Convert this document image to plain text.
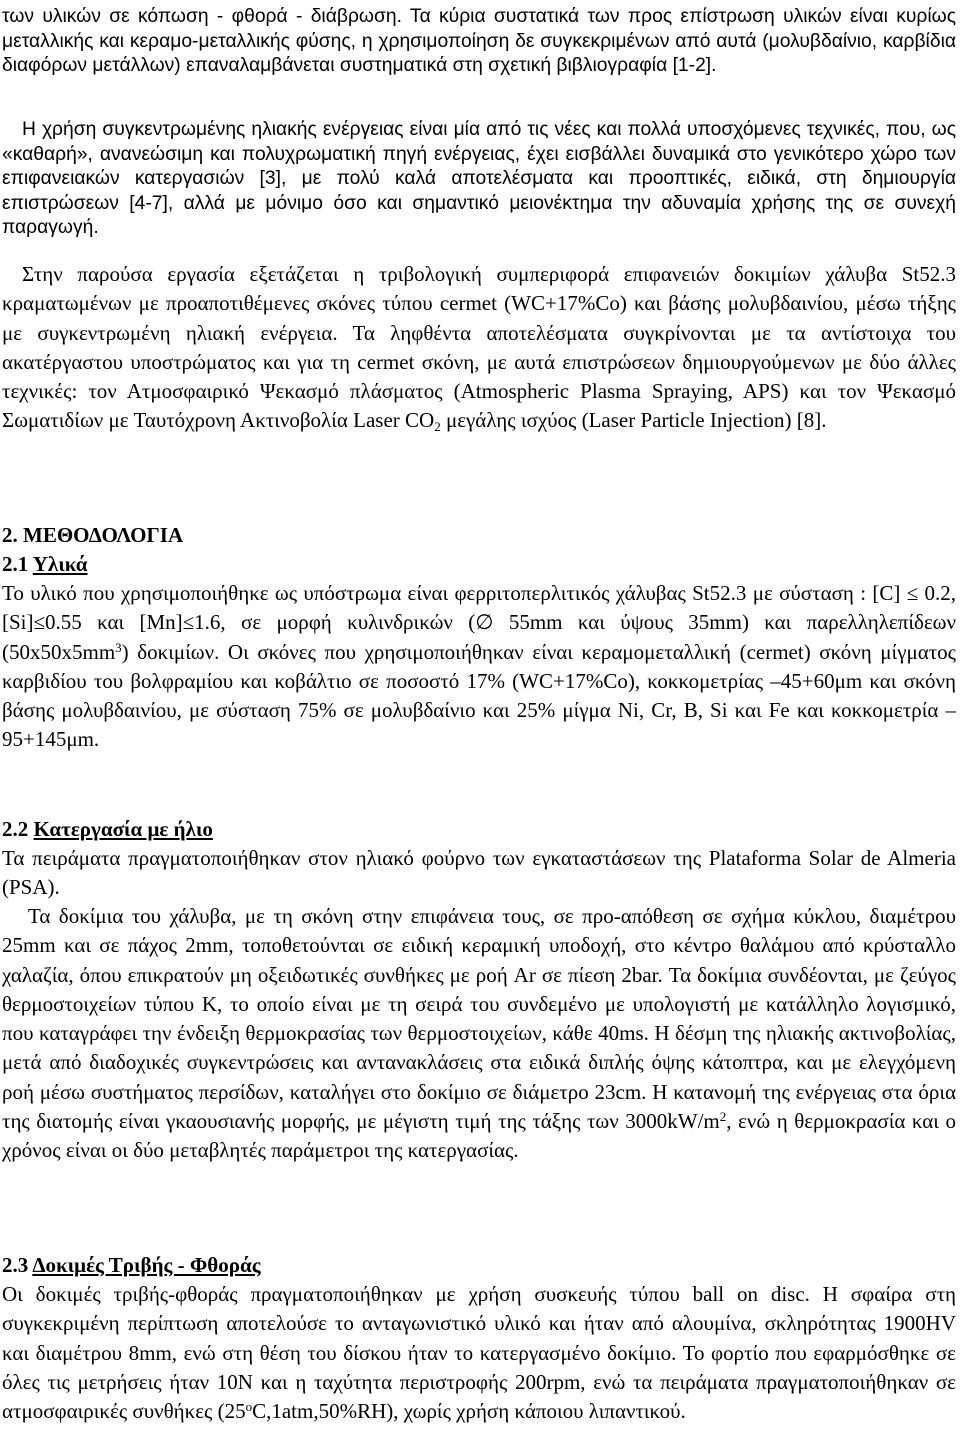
των υλικών σε κόπωση - φθορά - διάβρωση. Τα κύρια συστατικά των προς επίστρωση υλικών είναι κυρίως μεταλλικής και κεραμο-μεταλλικής φύσης, η χρησιμοποίηση δε συγκεκριμένων από αυτά (μολυβδαίνιο, καρβίδια διαφόρων μετάλλων) επαναλαμβάνεται συστηματικά στη σχετική βιβλιογραφία [1-2].

Η χρήση συγκεντρωμένης ηλιακής ενέργειας είναι μία από τις νέες και πολλά υποσχόμενες τεχνικές, που, ως «καθαρή», ανανεώσιμη και πολυχρωματική πηγή ενέργειας, έχει εισβάλλει δυναμικά στο γενικότερο χώρο των επιφανειακών κατεργασιών [3], με πολύ καλά αποτελέσματα και προοπτικές, ειδικά, στη δημιουργία επιστρώσεων [4-7], αλλά με μόνιμο όσο και σημαντικό μειονέκτημα την αδυναμία χρήσης της σε συνεχή παραγωγή.

Στην παρούσα εργασία εξετάζεται η τριβολογική συμπεριφορά επιφανειών δοκιμίων χάλυβα St52.3 κραματωμένων με προαποτιθέμενες σκόνες τύπου cermet (WC+17%Co) και βάσης μολυβδαινίου, μέσω τήξης με συγκεντρωμένη ηλιακή ενέργεια. Τα ληφθέντα αποτελέσματα συγκρίνονται με τα αντίστοιχα του ακατέργαστου υποστρώματος και για τη cermet σκόνη, με αυτά επιστρώσεων δημιουργούμενων με δύο άλλες τεχνικές: τον Ατμοσφαιρικό Ψεκασμό πλάσματος (Atmospheric Plasma Spraying, APS) και τον Ψεκασμό Σωματιδίων με Ταυτόχρονη Ακτινοβολία Laser $CO_2$ μεγάλης ισχύος (Laser Particle Injection) [8].

2. ΜΕΘΟΔΟΛΟΓΙΑ
2.1 Υλικά

Το υλικό που χρησιμοποιήθηκε ως υπόστρωμα είναι φερριτοπερλιτικός χάλυβας St52.3 με σύσταση : [C] ≤ 0.2, [Si]≤0.55 και [Mn]≤1.6, σε μορφή κυλινδρικών (∅ 55mm και ύψους 35mm) και παρελληλεπίδεων $(50x50x5mm^3)$ δοκιμίων. Οι σκόνες που χρησιμοποιήθηκαν είναι κεραμομεταλλική (cermet) σκόνη μίγματος καρβιδίου του βολφραμίου και κοβάλτιο σε ποσοστό 17% (WC+17%Co), κοκκομετρίας –45+60μm και σκόνη βάσης μολυβδαινίου, με σύσταση 75% σε μολυβδαίνιο και 25% μίγμα Ni, Cr, B, Si και Fe και κοκκομετρία – 95+145μm.

2.2 Κατεργασία με ήλιο

Τα πειράματα πραγματοποιήθηκαν στον ηλιακό φούρνο των εγκαταστάσεων της Plataforma Solar de Almeria (PSA).

Τα δοκίμια του χάλυβα, με τη σκόνη στην επιφάνεια τους, σε προ-απόθεση σε σχήμα κύκλου, διαμέτρου 25mm και σε πάχος 2mm, τοποθετούνται σε ειδική κεραμική υποδοχή, στο κέντρο θαλάμου από κρύσταλλο χαλαζία, όπου επικρατούν μη οξειδωτικές συνθήκες με ροή Ar σε πίεση 2bar. Τα δοκίμια συνδέονται, με ζεύγος θερμοστοιχείων τύπου K, το οποίο είναι με τη σειρά του συνδεμένο με υπολογιστή με κατάλληλο λογισμικό, που καταγράφει την ένδειξη θερμοκρασίας των θερμοστοιχείων, κάθε 40ms. Η δέσμη της ηλιακής ακτινοβολίας, μετά από διαδοχικές συγκεντρώσεις και αντανακλάσεις στα ειδικά διπλής όψης κάτοπτρα, και με ελεγχόμενη ροή μέσω συστήματος περσίδων, καταλήγει στο δοκίμιο σε διάμετρο 23cm. Η κατανομή της ενέργειας στα όρια της διατομής είναι γκαουσιανής μορφής, με μέγιστη τιμή της τάξης των $3000kW/m^2$, ενώ η θερμοκρασία και ο χρόνος είναι οι δύο μεταβλητές παράμετροι της κατεργασίας.

2.3 Δοκιμές Τριβής - Φθοράς

Οι δοκιμές τριβής-φθοράς πραγματοποιήθηκαν με χρήση συσκευής τύπου ball on disc. Η σφαίρα στη συγκεκριμένη περίπτωση αποτελούσε το ανταγωνιστικό υλικό και ήταν από αλουμίνα, σκληρότητας 1900HV και διαμέτρου 8mm, ενώ στη θέση του δίσκου ήταν το κατεργασμένο δοκίμιο. Το φορτίο που εφαρμόσθηκε σε όλες τις μετρήσεις ήταν 10N και η ταχύτητα περιστροφής 200rpm, ενώ τα πειράματα πραγματοποιήθηκαν σε ατμοσφαιρικές συνθήκες (25$^o$C,1atm,50%RH), χωρίς χρήση κάποιου λιπαντικού.
